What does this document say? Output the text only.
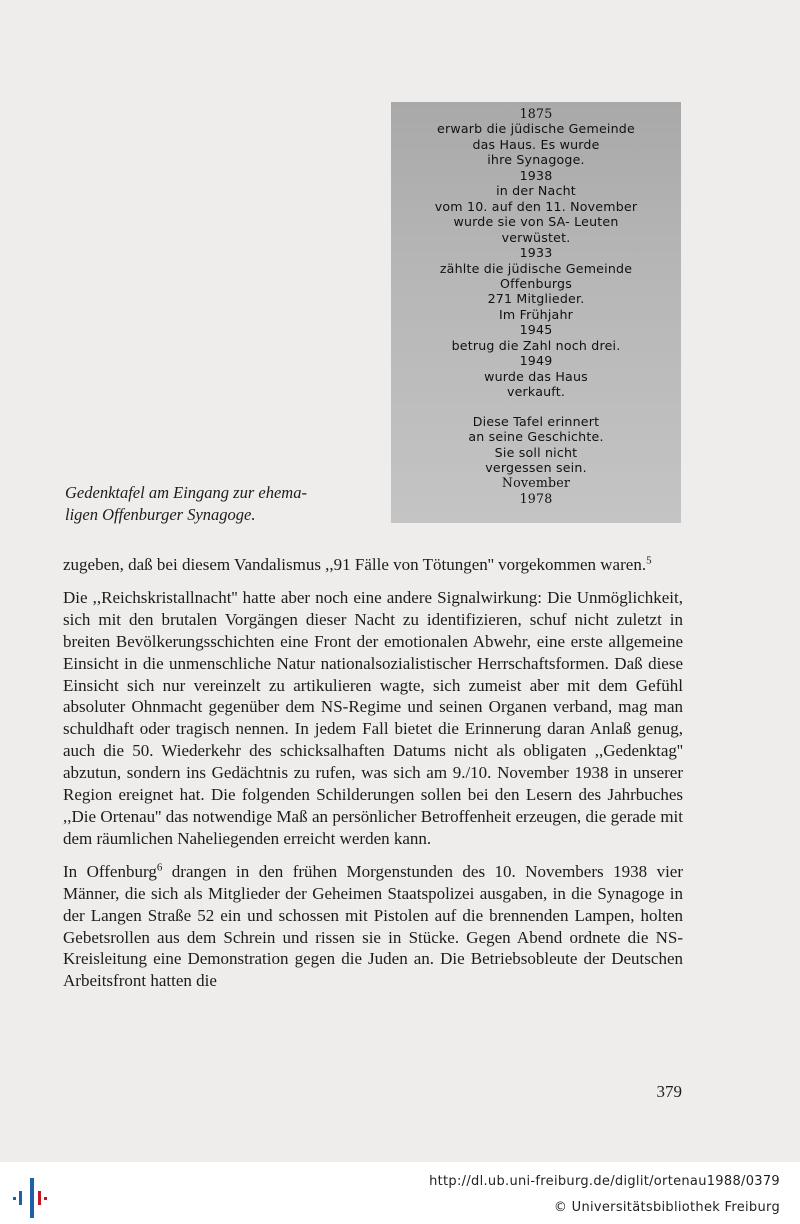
1875
erwarb die jüdische Gemeinde
das Haus. Es wurde
ihre Synagoge.
1938
in der Nacht
vom 10. auf den 11. November
wurde sie von SA- Leuten
verwüstet.
1933
zählte die jüdische Gemeinde
Offenburgs
271 Mitglieder.
Im Frühjahr
1945
betrug die Zahl noch drei.
1949
wurde das Haus
verkauft.
Diese Tafel erinnert
an seine Geschichte.
Sie soll nicht
vergessen sein.
November
1978
Gedenktafel am Eingang zur ehema-
ligen Offenburger Synagoge.

zugeben, daß bei diesem Vandalismus ,,91 Fälle von Tötungen'' vorgekommen waren.$^5$

Die ,,Reichskristallnacht'' hatte aber noch eine andere Signalwirkung: Die Unmöglichkeit, sich mit den brutalen Vorgängen dieser Nacht zu identifizieren, schuf nicht zuletzt in breiten Bevölkerungsschichten eine Front der emotionalen Abwehr, eine erste allgemeine Einsicht in die unmenschliche Natur nationalsozialistischer Herrschaftsformen. Daß diese Einsicht sich nur vereinzelt zu artikulieren wagte, sich zumeist aber mit dem Gefühl absoluter Ohnmacht gegenüber dem NS-Regime und seinen Organen verband, mag man schuldhaft oder tragisch nennen. In jedem Fall bietet die Erinnerung daran Anlaß genug, auch die 50. Wiederkehr des schicksalhaften Datums nicht als obligaten ,,Gedenktag'' abzutun, sondern ins Gedächtnis zu rufen, was sich am 9./10. November 1938 in unserer Region ereignet hat. Die folgenden Schilderungen sollen bei den Lesern des Jahrbuches ,,Die Ortenau'' das notwendige Maß an persönlicher Betroffenheit erzeugen, die gerade mit dem räumlichen Naheliegenden erreicht werden kann.

In Offenburg$^6$ drangen in den frühen Morgenstunden des 10. Novembers 1938 vier Männer, die sich als Mitglieder der Geheimen Staatspolizei ausgaben, in die Synagoge in der Langen Straße 52 ein und schossen mit Pistolen auf die brennenden Lampen, holten Gebetsrollen aus dem Schrein und rissen sie in Stücke. Gegen Abend ordnete die NS-Kreisleitung eine Demonstration gegen die Juden an. Die Betriebsobleute der Deutschen Arbeitsfront hatten die

379
http://dl.ub.uni-freiburg.de/diglit/ortenau1988/0379
© Universitätsbibliothek Freiburg
